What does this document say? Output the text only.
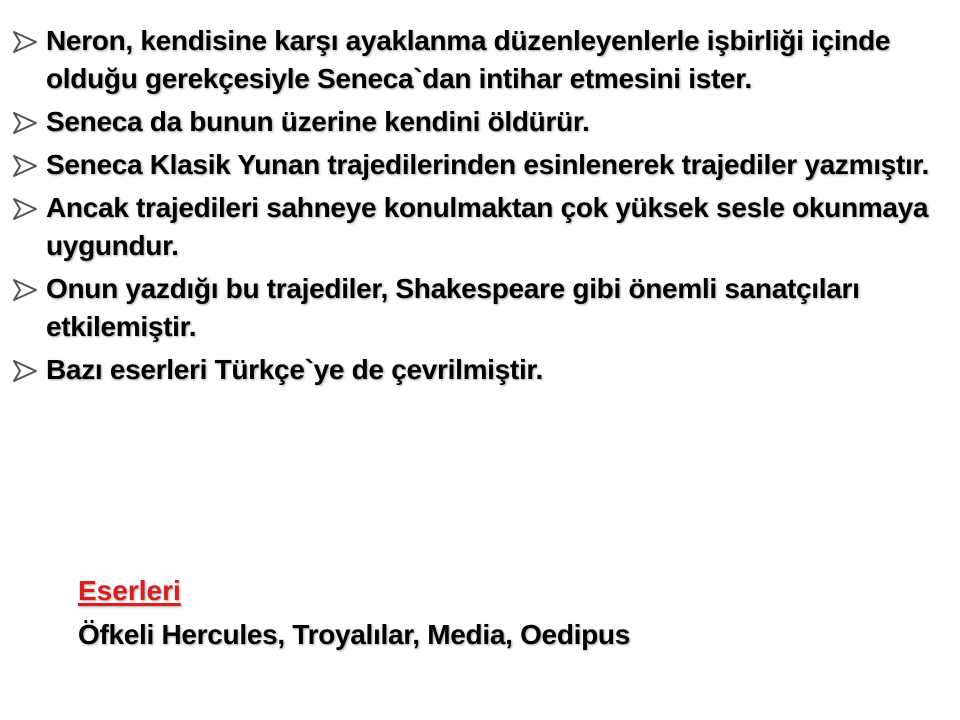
Neron, kendisine karşı ayaklanma düzenleyenlerle işbirliği içinde olduğu gerekçesiyle Seneca`dan intihar etmesini ister.
Seneca da bunun üzerine kendini öldürür.
Seneca Klasik Yunan trajedilerinden esinlenerek trajediler yazmıştır.
Ancak trajedileri sahneye konulmaktan çok yüksek sesle okunmaya uygundur.
Onun yazdığı bu trajediler, Shakespeare gibi önemli sanatçıları etkilemiştir.
Bazı eserleri Türkçe`ye de çevrilmiştir.
Eserleri
Öfkeli Hercules, Troyalılar, Media, Oedipus
